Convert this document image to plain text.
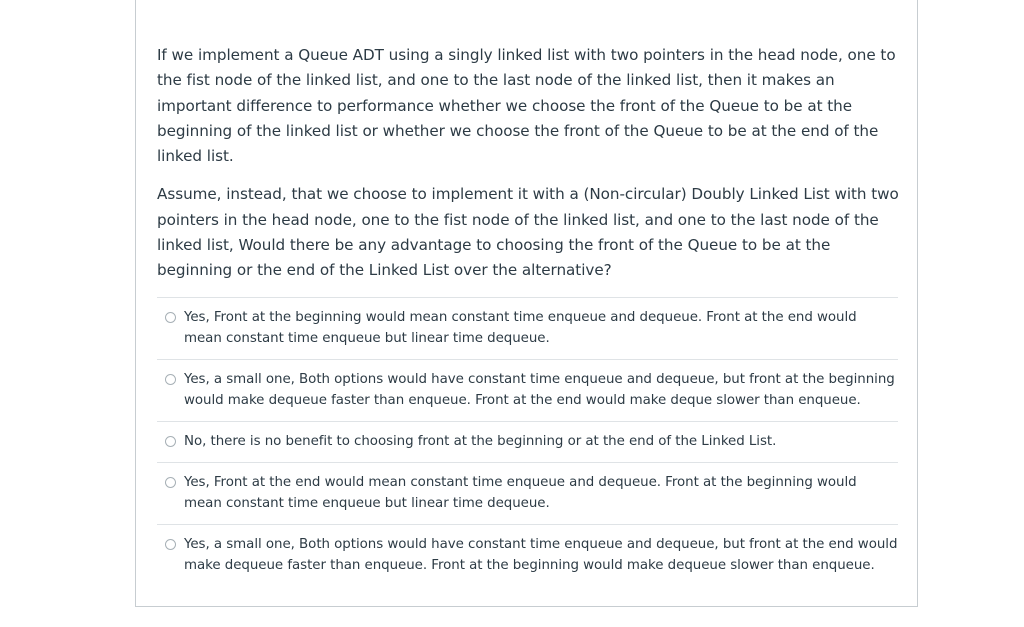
If we implement a Queue ADT using a singly linked list with two pointers in the head node, one to the fist node of the linked list, and one to the last node of the linked list, then it makes an important difference to performance whether we choose the front of the Queue to be at the beginning of the linked list or whether we choose the front of the Queue to be at the end of the linked list.

Assume, instead, that we choose to implement it with a (Non-circular) Doubly Linked List with two pointers in the head node, one to the fist node of the linked list, and one to the last node of the linked list, Would there be any advantage to choosing the front of the Queue to be at the beginning or the end of the Linked List over the alternative?

Yes, Front at the beginning would mean constant time enqueue and dequeue. Front at the end would mean constant time enqueue but linear time dequeue.
Yes, a small one, Both options would have constant time enqueue and dequeue, but front at the beginning would make dequeue faster than enqueue. Front at the end would make deque slower than enqueue.
No, there is no benefit to choosing front at the beginning or at the end of the Linked List.
Yes, Front at the end would mean constant time enqueue and dequeue. Front at the beginning would mean constant time enqueue but linear time dequeue.
Yes, a small one, Both options would have constant time enqueue and dequeue, but front at the end would make dequeue faster than enqueue. Front at the beginning would make dequeue slower than enqueue.
